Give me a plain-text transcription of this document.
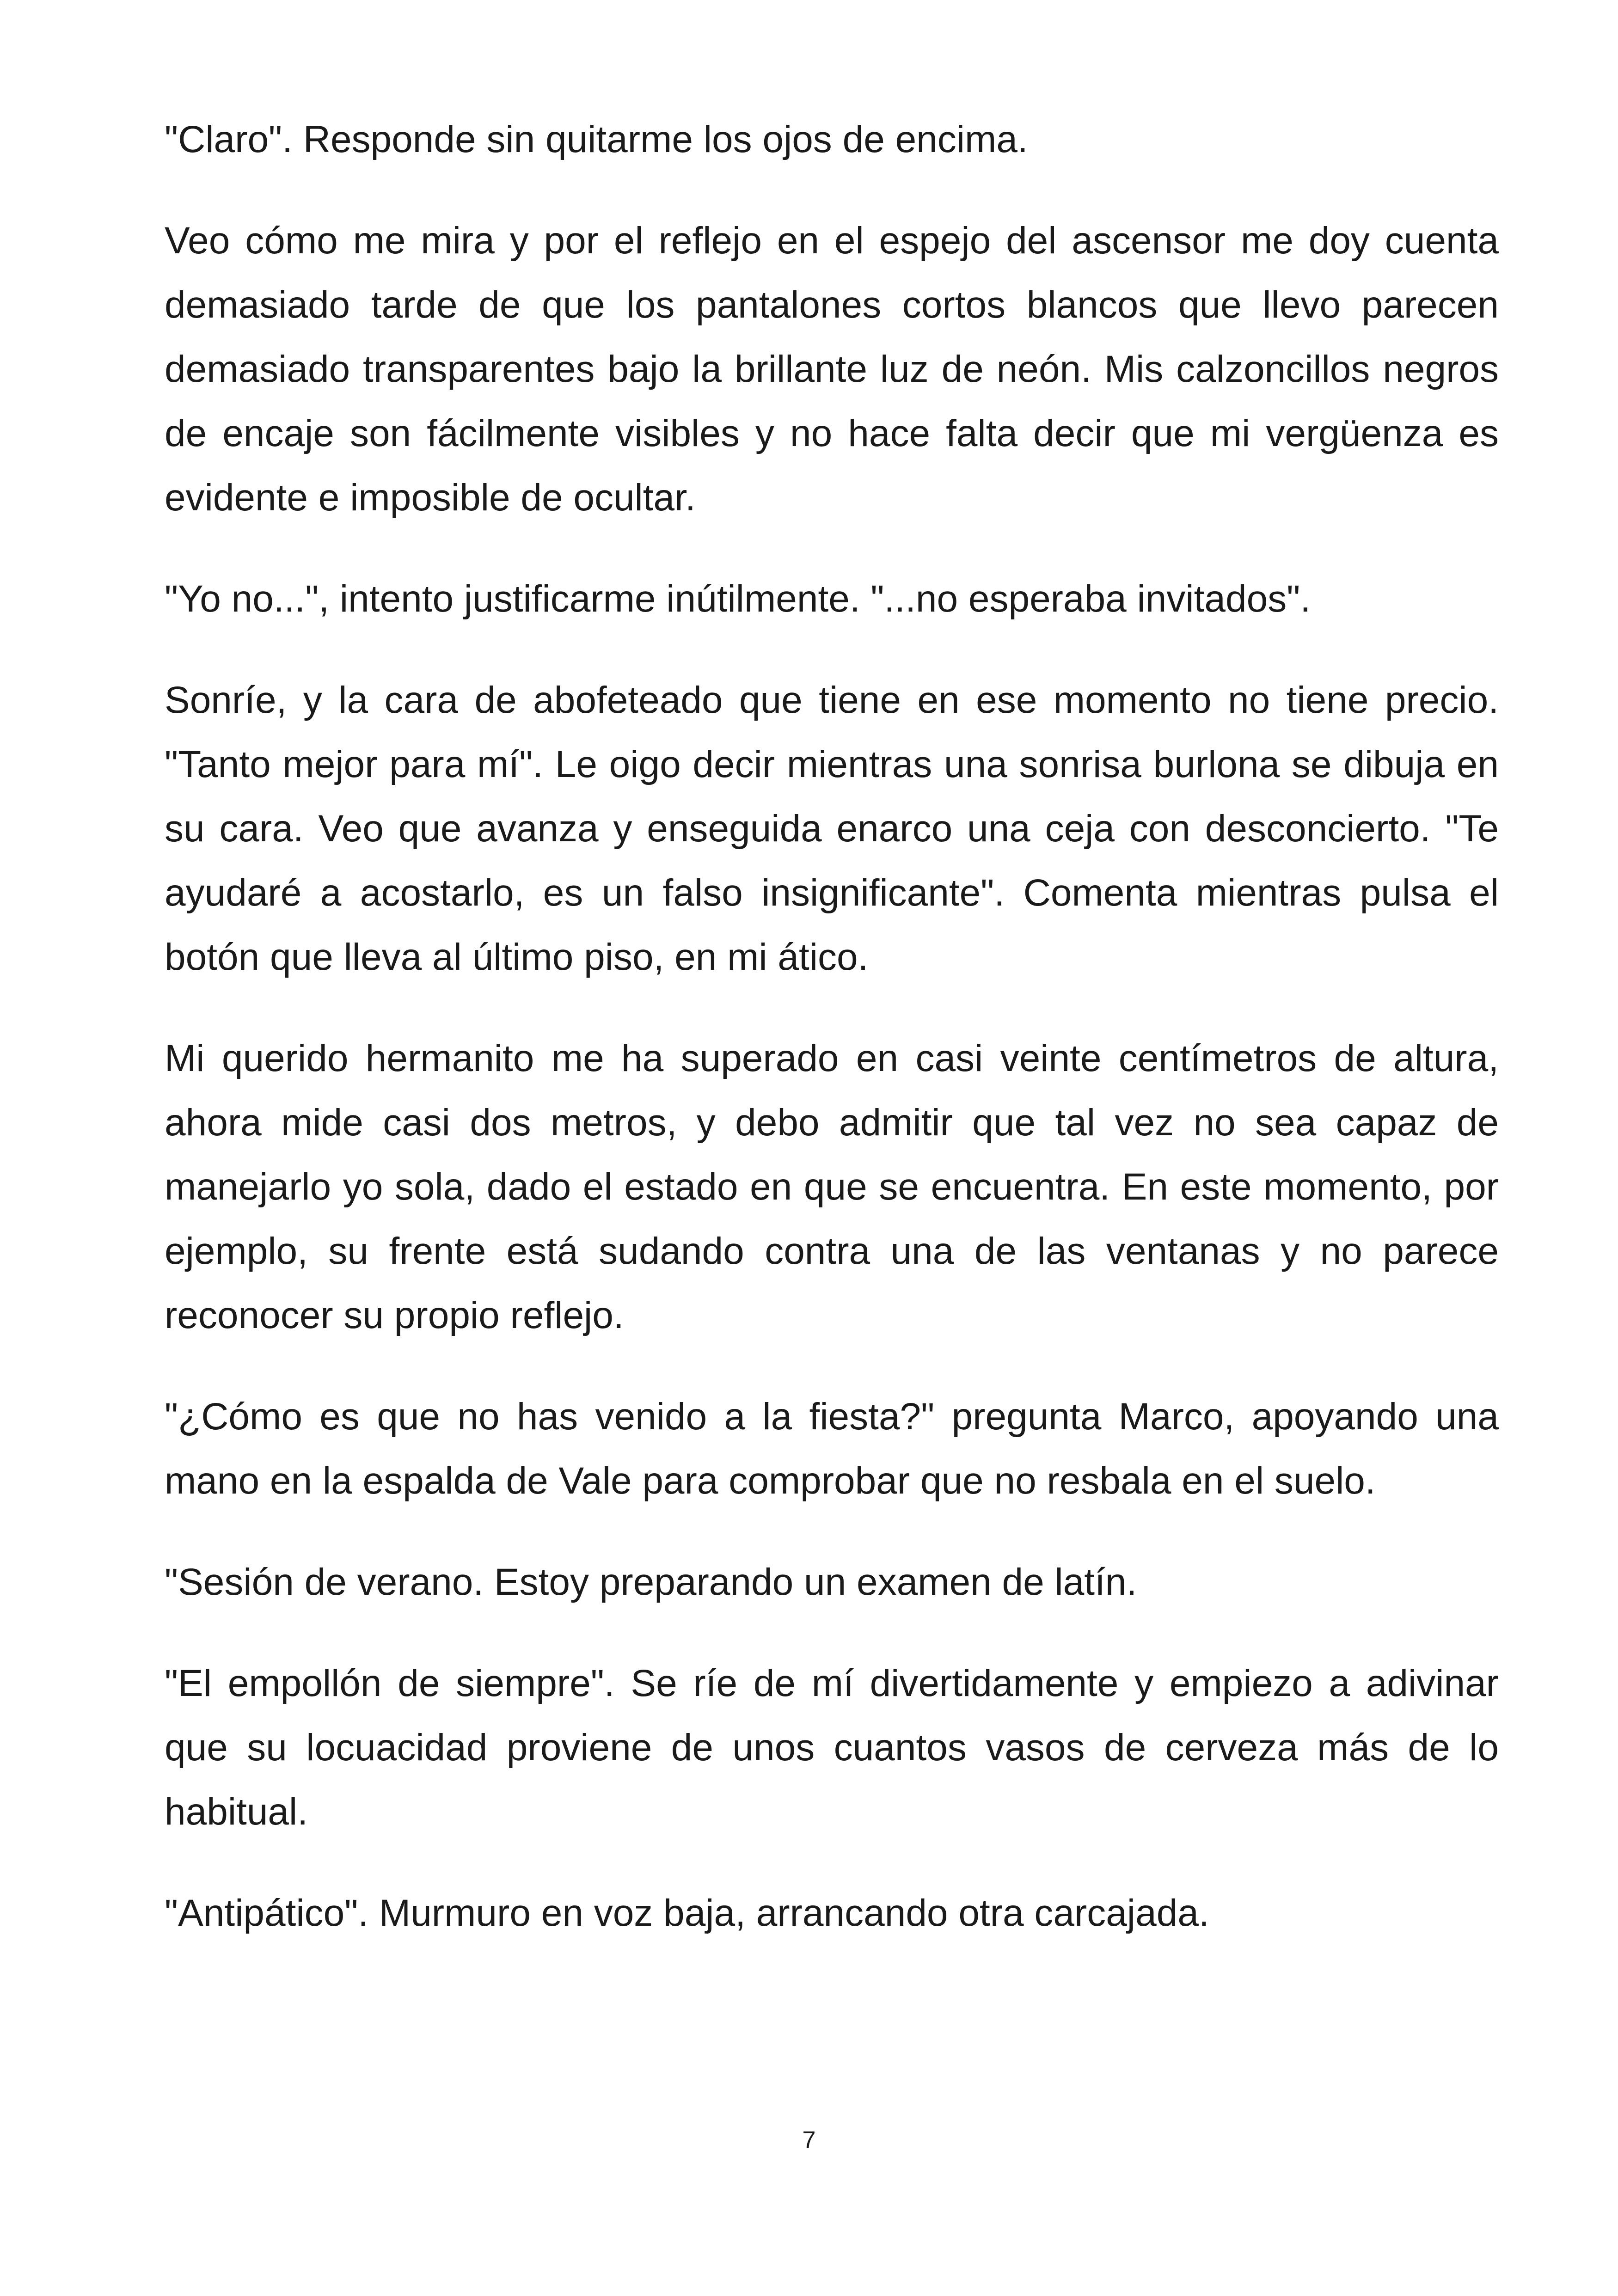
"Claro". Responde sin quitarme los ojos de encima.

Veo cómo me mira y por el reflejo en el espejo del ascensor me doy cuenta demasiado tarde de que los pantalones cortos blancos que llevo parecen demasiado transparentes bajo la brillante luz de neón. Mis calzoncillos negros de encaje son fácilmente visibles y no hace falta decir que mi vergüenza es evidente e imposible de ocultar.

"Yo no...", intento justificarme inútilmente. "...no esperaba invitados".

Sonríe, y la cara de abofeteado que tiene en ese momento no tiene precio. "Tanto mejor para mí". Le oigo decir mientras una sonrisa burlona se dibuja en su cara. Veo que avanza y enseguida enarco una ceja con desconcierto. "Te ayudaré a acostarlo, es un falso insignificante". Comenta mientras pulsa el botón que lleva al último piso, en mi ático.

Mi querido hermanito me ha superado en casi veinte centímetros de altura, ahora mide casi dos metros, y debo admitir que tal vez no sea capaz de manejarlo yo sola, dado el estado en que se encuentra. En este momento, por ejemplo, su frente está sudando contra una de las ventanas y no parece reconocer su propio reflejo.

"¿Cómo es que no has venido a la fiesta?" pregunta Marco, apoyando una mano en la espalda de Vale para comprobar que no resbala en el suelo.

"Sesión de verano. Estoy preparando un examen de latín.

"El empollón de siempre". Se ríe de mí divertidamente y empiezo a adivinar que su locuacidad proviene de unos cuantos vasos de cerveza más de lo habitual.

"Antipático". Murmuro en voz baja, arrancando otra carcajada.

7
